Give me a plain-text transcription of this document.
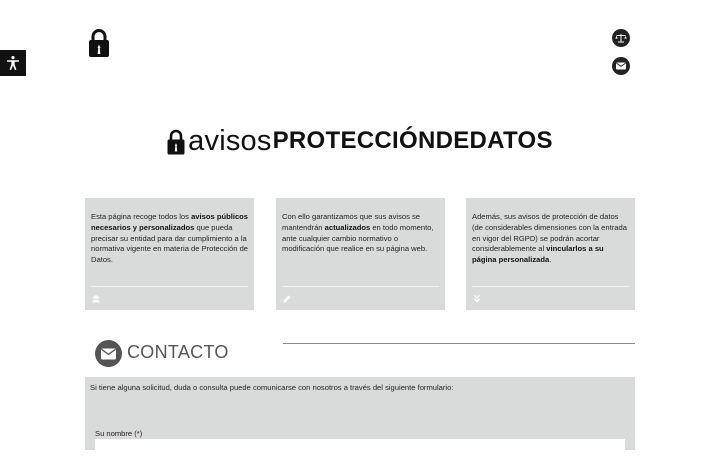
avisos PROTECCIÓNDEDATOS

Esta página recoge todos los avisos públicos necesarios y personalizados que pueda precisar su entidad para dar cumplimiento a la normativa vigente en materia de Protección de Datos.

Con ello garantizamos que sus avisos se mantendrán actualizados en todo momento, ante cualquier cambio normativo o modificación que realice en su página web.

Además, sus avisos de protección de datos (de considerables dimensiones con la entrada en vigor del RGPD) se podrán acortar considerablemente al vincularlos a su página personalizada.

CONTACTO
Si tiene alguna solicitud, duda o consulta puede comunicarse con nosotros a través del siguiente formulario:
Su nombre (*)
